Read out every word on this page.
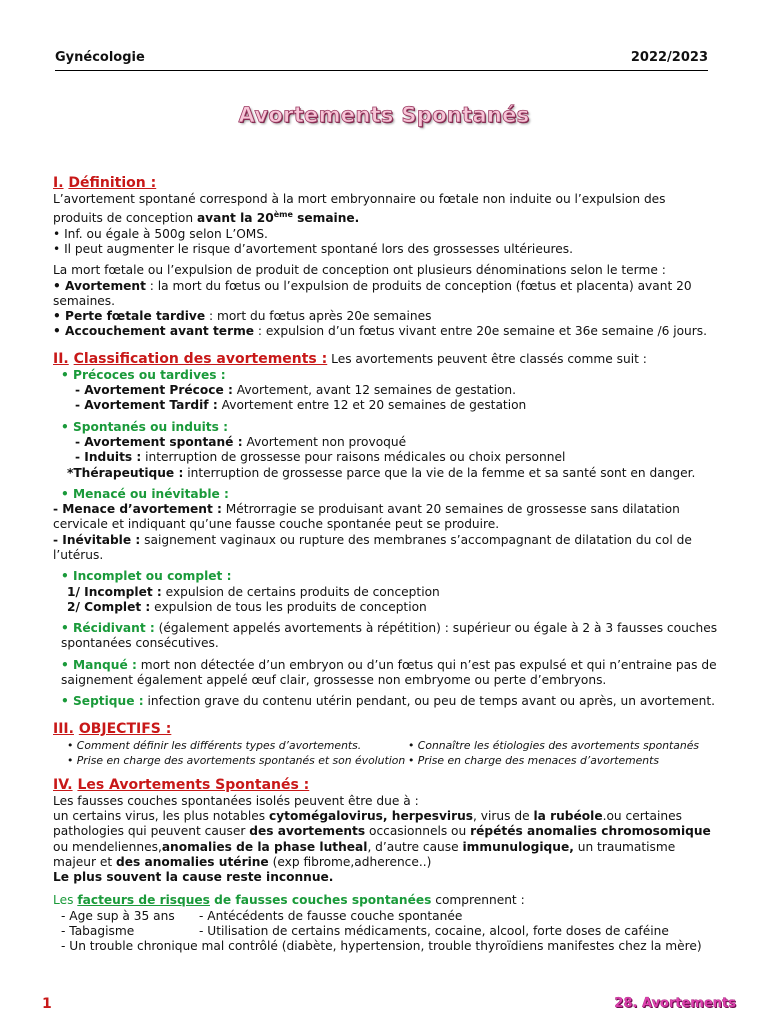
Gynécologie	2022/2023
Avortements Spontanés

I. Définition :

L’avortement spontané correspond à la mort embryonnaire ou fœtale non induite ou l’expulsion des produits de conception avant la 20ème semaine.

• Inf. ou égale à 500g selon L’OMS.

• Il peut augmenter le risque d’avortement spontané lors des grossesses ultérieures.

La mort fœtale ou l’expulsion de produit de conception ont plusieurs dénominations selon le terme :

• Avortement : la mort du fœtus ou l’expulsion de produits de conception (fœtus et placenta) avant 20 semaines.

• Perte fœtale tardive : mort du fœtus après 20e semaines

• Accouchement avant terme : expulsion d’un fœtus vivant entre 20e semaine et 36e semaine /6 jours.

II. Classification des avortements : Les avortements peuvent être classés comme suit :

• Précoces ou tardives :

- Avortement Précoce : Avortement, avant 12 semaines de gestation.

- Avortement Tardif : Avortement entre 12 et 20 semaines de gestation

• Spontanés ou induits :

- Avortement spontané : Avortement non provoqué

- Induits : interruption de grossesse pour raisons médicales ou choix personnel

*Thérapeutique : interruption de grossesse parce que la vie de la femme et sa santé sont en danger.

• Menacé ou inévitable :

- Menace d’avortement : Métrorragie se produisant avant 20 semaines de grossesse sans dilatation cervicale et indiquant qu’une fausse couche spontanée peut se produire.

- Inévitable : saignement vaginaux ou rupture des membranes s’accompagnant de dilatation du col de l’utérus.

• Incomplet ou complet :

1/ Incomplet : expulsion de certains produits de conception

2/ Complet : expulsion de tous les produits de conception

• Récidivant : (également appelés avortements à répétition) : supérieur ou égale à 2 à 3 fausses couches spontanées consécutives.

• Manqué : mort non détectée d’un embryon ou d’un fœtus qui n’est pas expulsé et qui n’entraine pas de saignement également appelé œuf clair, grossesse non embryome ou perte d’embryons.

• Septique : infection grave du contenu utérin pendant, ou peu de temps avant ou après, un avortement.

III. OBJECTIFS :

• Comment définir les différents types d’avortements.	• Connaître les étiologies des avortements spontanés
• Prise en charge des avortements spontanés et son évolution • Prise en charge des menaces d’avortements

IV. Les Avortements Spontanés :

Les fausses couches spontanées isolés peuvent être due à :

un certains virus, les plus notables cytomégalovirus, herpesvirus, virus de la rubéole.ou certaines pathologies qui peuvent causer des avortements occasionnels ou répétés anomalies chromosomique ou mendeliennes,anomalies de la phase lutheal, d’autre cause immunulogique, un traumatisme majeur et des anomalies utérine (exp fibrome,adherence..)

Le plus souvent la cause reste inconnue.

Les facteurs de risques de fausses couches spontanées comprennent :

- Age sup à 35 ans	- Antécédents de fausse couche spontanée
- Tabagisme	- Utilisation de certains médicaments, cocaine, alcool, forte doses de caféine

- Un trouble chronique mal contrôlé (diabète, hypertension, trouble thyroïdiens manifestes chez la mère)

1	28. Avortements
